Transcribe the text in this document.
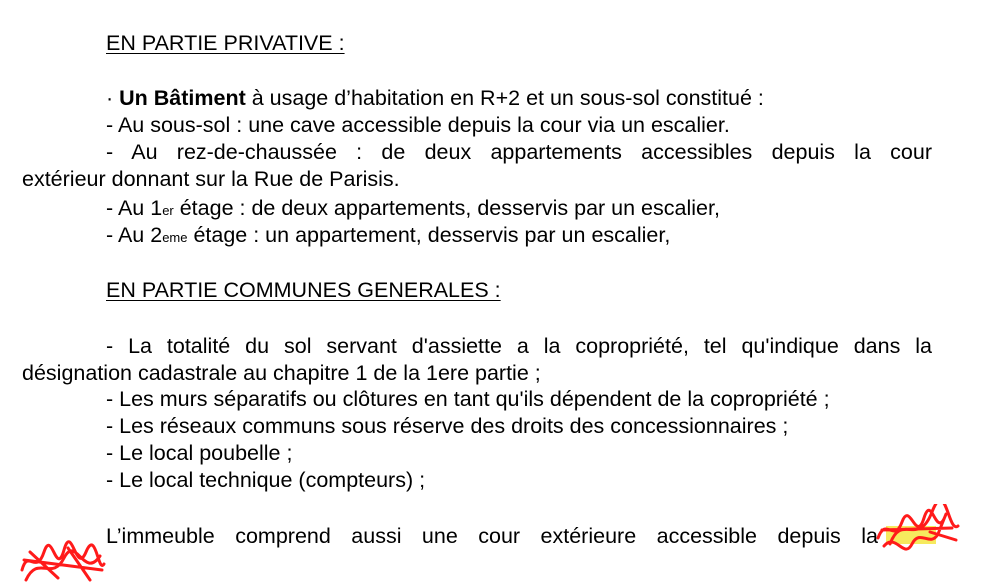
EN PARTIE PRIVATIVE :
· Un Bâtiment à usage d’habitation en R+2 et un sous-sol constitué :
- Au sous-sol : une cave accessible depuis la cour via un escalier.
- Au rez-de-chaussée : de deux appartements accessibles depuis la cour
extérieur donnant sur la Rue de Parisis.
- Au 1er étage : de deux appartements, desservis par un escalier,
- Au 2eme étage : un appartement, desservis par un escalier,
EN PARTIE COMMUNES GENERALES :
- La totalité du sol servant d'assiette a la copropriété, tel qu'indique dans la
désignation cadastrale au chapitre 1 de la 1ere partie ;
- Les murs séparatifs ou clôtures en tant qu'ils dépendent de la copropriété ;
- Les réseaux communs sous réserve des droits des concessionnaires ;
- Le local poubelle ;
- Le local technique (compteurs) ;
L’immeuble comprend aussi une cour extérieure accessible depuis la
